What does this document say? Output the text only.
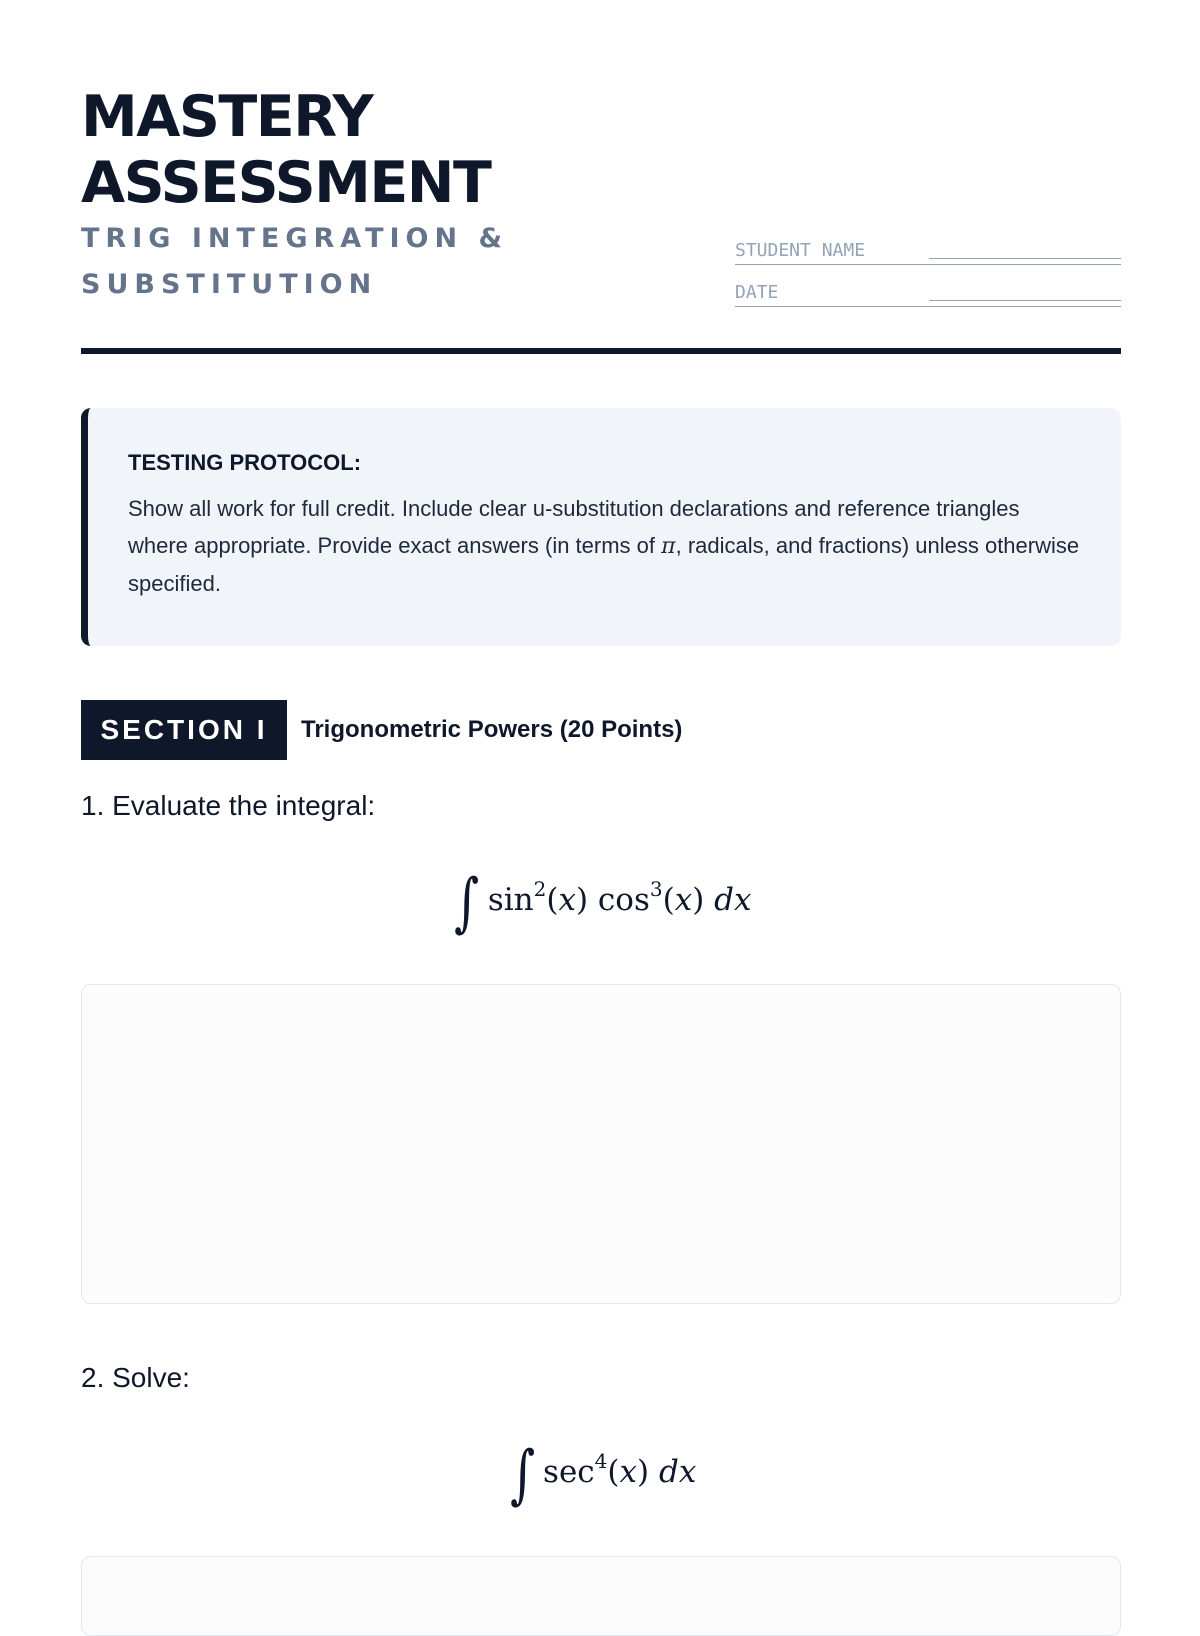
MASTERY
ASSESSMENT
TRIG INTEGRATION &
SUBSTITUTION
STUDENT NAME
DATE
TESTING PROTOCOL:
Show all work for full credit. Include clear u-substitution declarations and reference triangles where appropriate. Provide exact answers (in terms of π, radicals, and fractions) unless otherwise specified.
SECTION I	Trigonometric Powers (20 Points)
1. Evaluate the integral:
∫ $\sin^2(x)$ $\cos^3(x)$ dx
2. Solve:
∫ $\sec^4(x)$ dx
